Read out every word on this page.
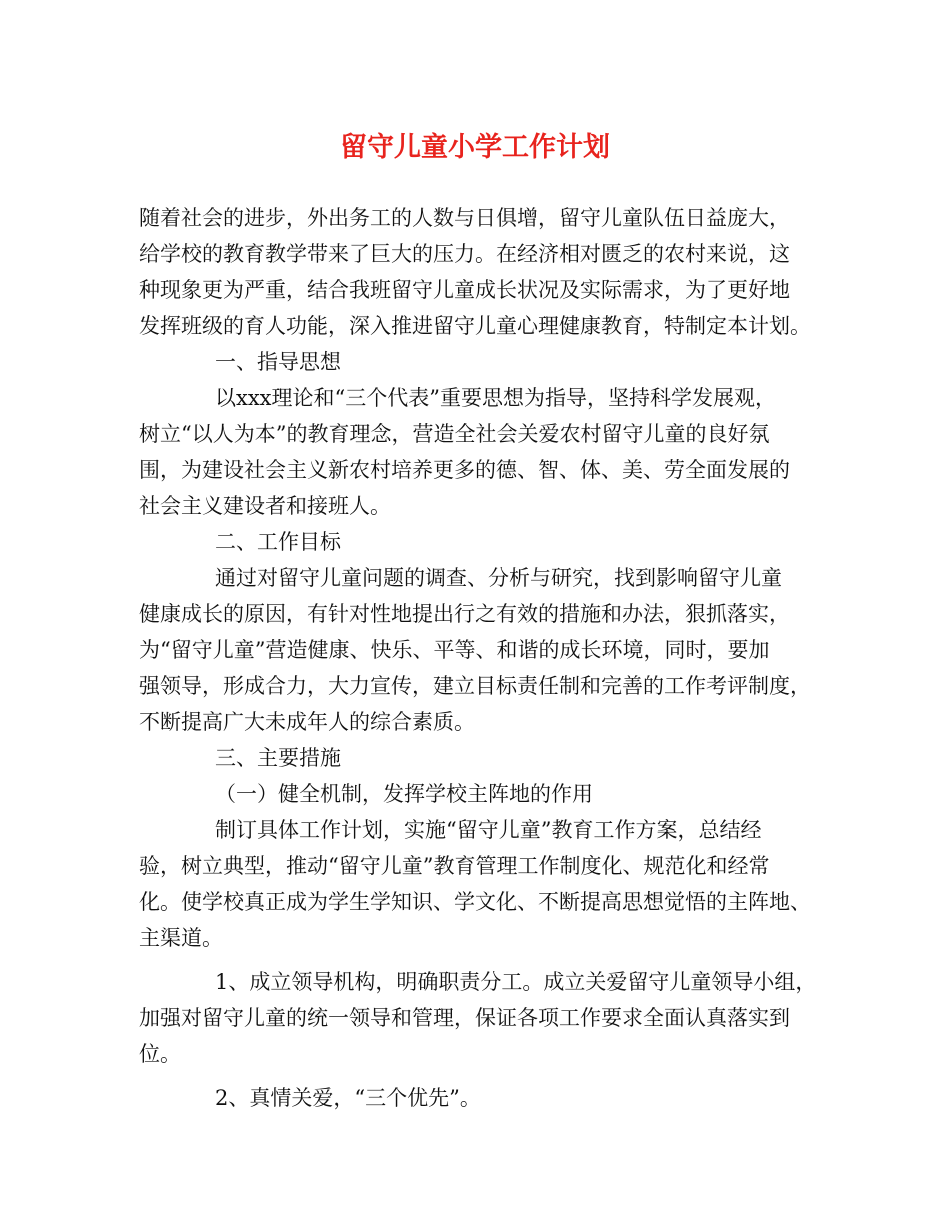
留守儿童小学工作计划
随着社会的进步，外出务工的人数与日俱增，留守儿童队伍日益庞大，
给学校的教育教学带来了巨大的压力。在经济相对匮乏的农村来说，这
种现象更为严重，结合我班留守儿童成长状况及实际需求，为了更好地
发挥班级的育人功能，深入推进留守儿童心理健康教育，特制定本计划。
一、指导思想
以xxx理论和“三个代表”重要思想为指导，坚持科学发展观，
树立“以人为本”的教育理念，营造全社会关爱农村留守儿童的良好氛
围，为建设社会主义新农村培养更多的德、智、体、美、劳全面发展的
社会主义建设者和接班人。
二、工作目标
通过对留守儿童问题的调查、分析与研究，找到影响留守儿童
健康成长的原因，有针对性地提出行之有效的措施和办法，狠抓落实，
为“留守儿童”营造健康、快乐、平等、和谐的成长环境，同时，要加
强领导，形成合力，大力宣传，建立目标责任制和完善的工作考评制度，
不断提高广大未成年人的综合素质。
三、主要措施
（一）健全机制，发挥学校主阵地的作用
制订具体工作计划，实施“留守儿童”教育工作方案，总结经
验，树立典型，推动“留守儿童”教育管理工作制度化、规范化和经常
化。使学校真正成为学生学知识、学文化、不断提高思想觉悟的主阵地、
主渠道。
1、成立领导机构，明确职责分工。成立关爱留守儿童领导小组，
加强对留守儿童的统一领导和管理，保证各项工作要求全面认真落实到
位。
2、真情关爱，“三个优先”。
